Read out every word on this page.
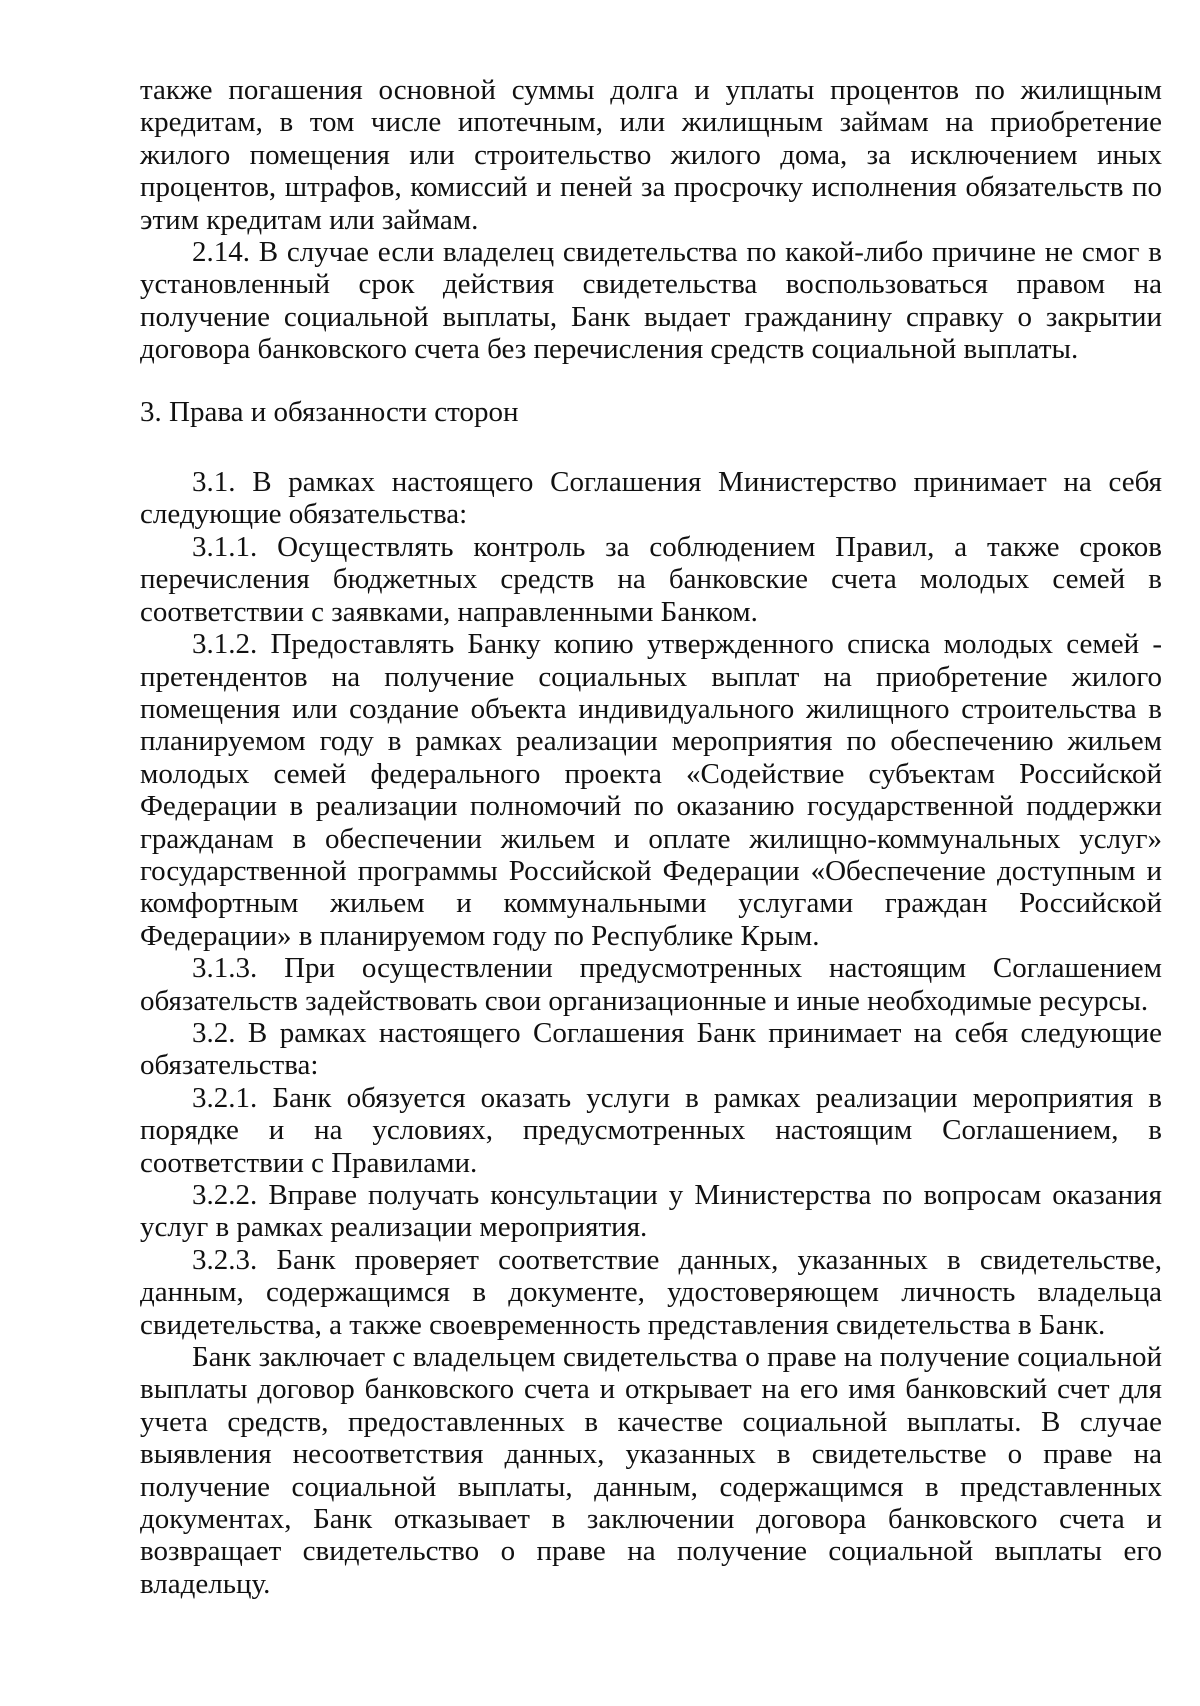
также погашения основной суммы долга и уплаты процентов по жилищным кредитам, в том числе ипотечным, или жилищным займам на приобретение жилого помещения или строительство жилого дома, за исключением иных процентов, штрафов, комиссий и пеней за просрочку исполнения обязательств по этим кредитам или займам.

2.14. В случае если владелец свидетельства по какой-либо причине не смог в установленный срок действия свидетельства воспользоваться правом на получение социальной выплаты, Банк выдает гражданину справку о закрытии договора банковского счета без перечисления средств социальной выплаты.

3. Права и обязанности сторон

3.1. В рамках настоящего Соглашения Министерство принимает на себя следующие обязательства:

3.1.1. Осуществлять контроль за соблюдением Правил, а также сроков перечисления бюджетных средств на банковские счета молодых семей в соответствии с заявками, направленными Банком.

3.1.2. Предоставлять Банку копию утвержденного списка молодых семей - претендентов на получение социальных выплат на приобретение жилого помещения или создание объекта индивидуального жилищного строительства в планируемом году в рамках реализации мероприятия по обеспечению жильем молодых семей федерального проекта «Содействие субъектам Российской Федерации в реализации полномочий по оказанию государственной поддержки гражданам в обеспечении жильем и оплате жилищно-коммунальных услуг» государственной программы Российской Федерации «Обеспечение доступным и комфортным жильем и коммунальными услугами граждан Российской Федерации» в планируемом году по Республике Крым.

3.1.3. При осуществлении предусмотренных настоящим Соглашением обязательств задействовать свои организационные и иные необходимые ресурсы.

3.2. В рамках настоящего Соглашения Банк принимает на себя следующие обязательства:

3.2.1. Банк обязуется оказать услуги в рамках реализации мероприятия в порядке и на условиях, предусмотренных настоящим Соглашением, в соответствии с Правилами.

3.2.2. Вправе получать консультации у Министерства по вопросам оказания услуг в рамках реализации мероприятия.

3.2.3. Банк проверяет соответствие данных, указанных в свидетельстве, данным, содержащимся в документе, удостоверяющем личность владельца свидетельства, а также своевременность представления свидетельства в Банк.

Банк заключает с владельцем свидетельства о праве на получение социальной выплаты договор банковского счета и открывает на его имя банковский счет для учета средств, предоставленных в качестве социальной выплаты. В случае выявления несоответствия данных, указанных в свидетельстве о праве на получение социальной выплаты, данным, содержащимся в представленных документах, Банк отказывает в заключении договора банковского счета и возвращает свидетельство о праве на получение социальной выплаты его владельцу.
